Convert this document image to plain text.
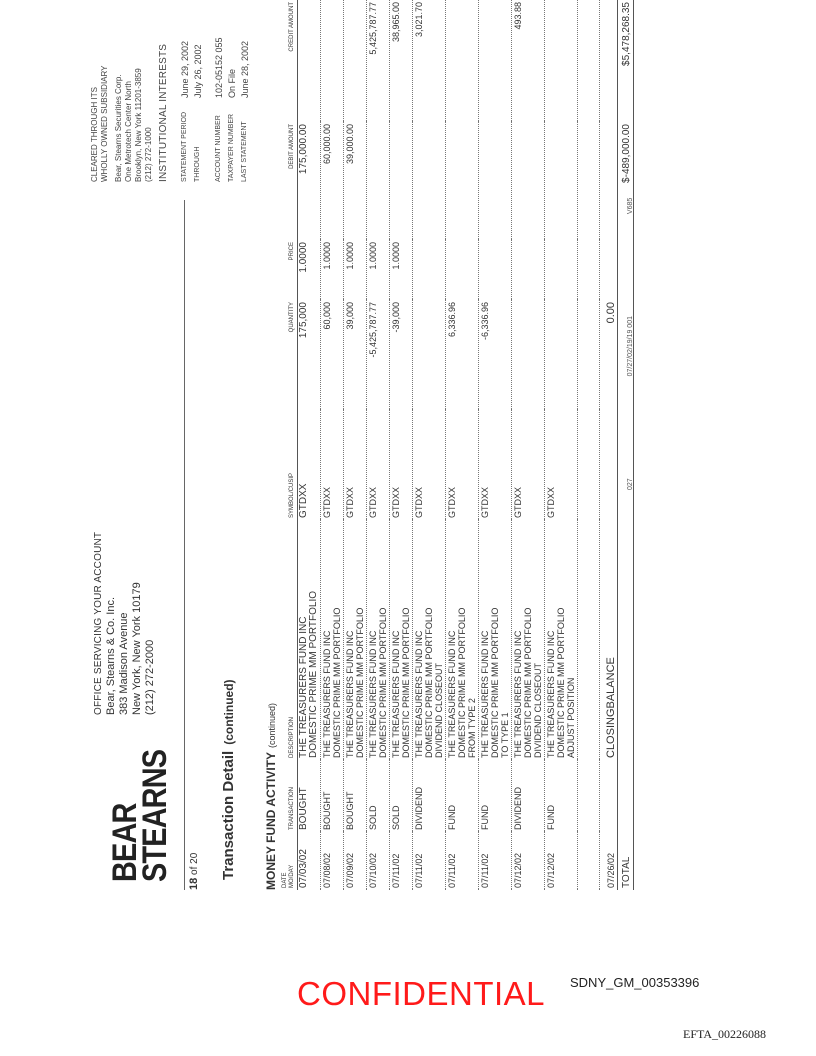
BEAR
STEARNS
OFFICE SERVICING YOUR ACCOUNT Bear, Stearns & Co. Inc. 383 Madison Avenue New York, New York 10179 (212) 272-2000
18 of 20 Transaction Detail(continued)
MONEY FUND ACTIVITY(continued)
CLEARED THROUGH ITS WHOLLY OWNED SUBSIDIARY Bear, Stearns Securities Corp. One Metrotech Center North Brooklyn, New York 11201-3859 (212) 272-1000 INSTITUTIONAL INTERESTS STATEMENT PERIOD
June 29, 2002
THROUGH
July 26, 2002
ACCOUNT NUMBER
102-05152 055
TAXPAYER NUMBER
On File
LAST STATEMENT
June 28, 2002
DATE
MO/DAY	TRANSACTION	DESCRIPTION	SYMBOL/CUSIP	QUANTITY	PRICE	DEBIT AMOUNT	CREDIT AMOUNT
07/03/02	BOUGHT	THE TREASURERS FUND INC DOMESTIC PRIME MM PORTFOLIO	GTDXX	175,000	1.0000	175,000.00	
07/08/02	BOUGHT	THE TREASURERS FUND INC DOMESTIC PRIME MM PORTFOLIO	GTDXX	60,000	1.0000	60,000.00	
07/09/02	BOUGHT	THE TREASURERS FUND INC DOMESTIC PRIME MM PORTFOLIO	GTDXX	39,000	1.0000	39,000.00	
07/10/02	SOLD	THE TREASURERS FUND INC DOMESTIC PRIME MM PORTFOLIO	GTDXX	-5,425,787.77	1.0000		5,425,787.77
07/11/02	SOLD	THE TREASURERS FUND INC DOMESTIC PRIME MM PORTFOLIO	GTDXX	-39,000	1.0000		38,965.00
07/11/02	DIVIDEND	THE TREASURERS FUND INC DOMESTIC PRIME MM PORTFOLIO DIVIDEND CLOSEOUT	GTDXX				3,021.70
07/11/02	FUND	THE TREASURERS FUND INC DOMESTIC PRIME MM PORTFOLIO FROM TYPE 2	GTDXX	6,336.96			
07/11/02	FUND	THE TREASURERS FUND INC DOMESTIC PRIME MM PORTFOLIO TO TYPE 1	GTDXX	-6,336.96			
07/12/02	DIVIDEND	THE TREASURERS FUND INC DOMESTIC PRIME MM PORTFOLIO DIVIDEND CLOSEOUT	GTDXX				493.88
07/12/02	FUND	THE TREASURERS FUND INC DOMESTIC PRIME MM PORTFOLIO ADJUST POSITION	GTDXX				

07/26/02		CLOSINGBALANCE		0.00			
TOTAL						$-489,000.00	$5,478,268.35
027 07/27/02/19/19 001 V685
CONFIDENTIAL SDNY_GM_00353396
EFTA_00226088
